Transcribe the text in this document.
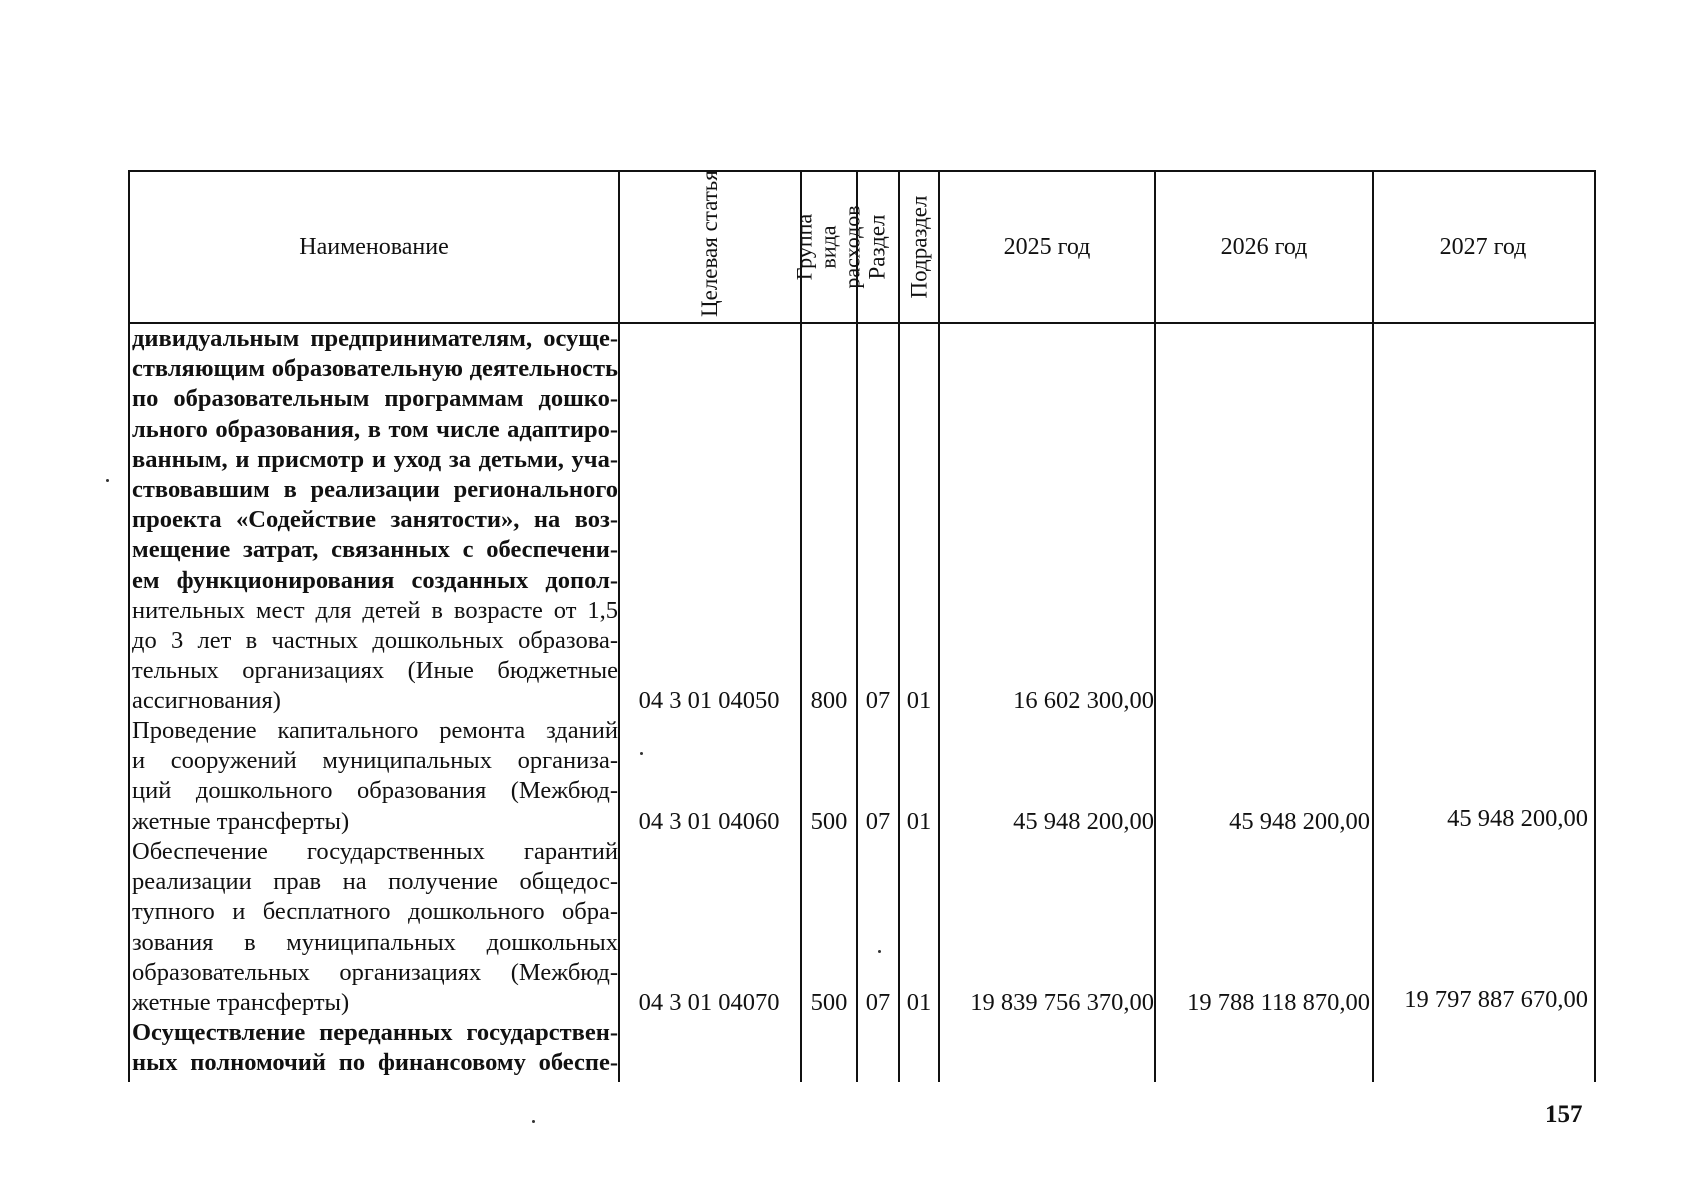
Наименование	Целевая статья	Группа вида расходов Раздел Подраздел	2025 год	2026 год	2027 год
дивидуальным предпринимателям, осуще-
ствляющим образовательную деятельность
по образовательным программам дошко-
льного образования, в том числе адаптиро-
ванным, и присмотр и уход за детьми, уча-
ствовавшим в реализации регионального
проекта «Содействие занятости», на воз-
мещение затрат, связанных с обеспечени-
ем функционирования созданных допол-
нительных мест для детей в возрасте от 1,5
до 3 лет в частных дошкольных образова-
тельных организациях (Иные бюджетные
ассигнования)	04 3 01 04050	800 07 01	16 602 300,00
Проведение капитального ремонта зданий
и сооружений муниципальных организа-
ций дошкольного образования (Межбюд-
жетные трансферты)	04 3 01 04060	500 07 01	45 948 200,00	45 948 200,00	45 948 200,00
Обеспечение государственных гарантий
реализации прав на получение общедос-
тупного и бесплатного дошкольного обра-
зования в муниципальных дошкольных
образовательных организациях (Межбюд-
жетные трансферты)	04 3 01 04070	500 07 01	19 839 756 370,00	19 788 118 870,00	19 797 887 670,00
Осуществление переданных государствен-
ных полномочий по финансовому обеспе-
157
